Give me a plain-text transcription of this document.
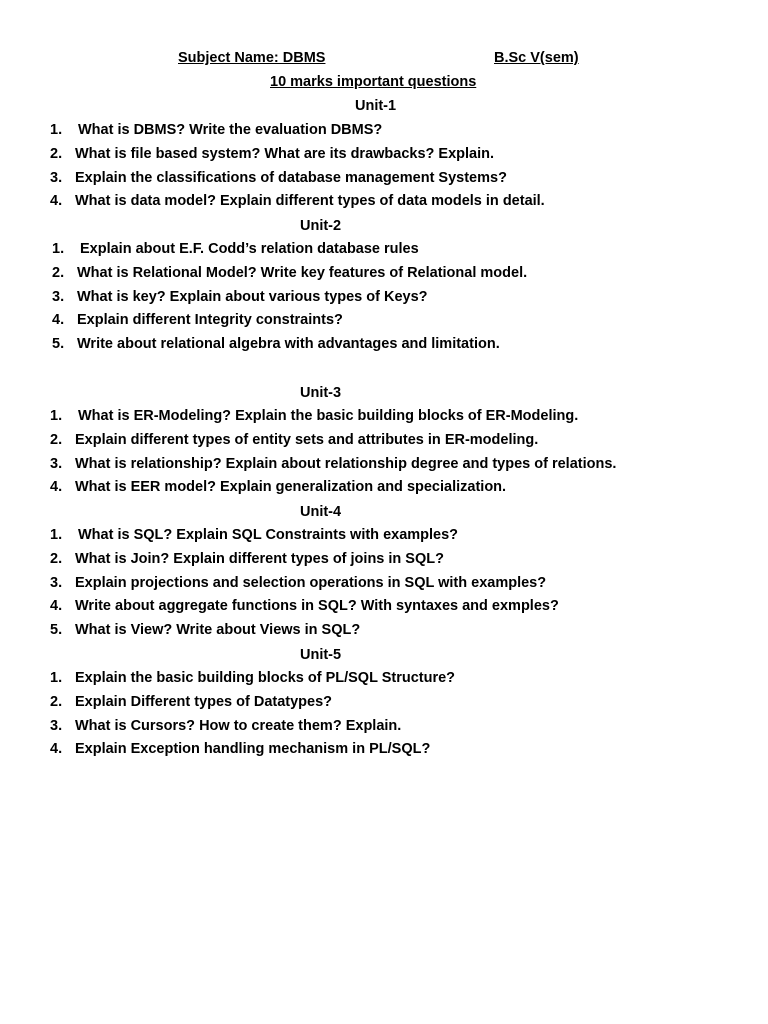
Subject Name: DBMS	B.Sc V(sem)
10 marks important questions
Unit-1
1. What is DBMS? Write the evaluation DBMS?
2. What is file based system? What are its drawbacks? Explain.
3. Explain the classifications of database management Systems?
4. What is data model? Explain different types of data models in detail.
Unit-2
1. Explain about E.F. Codd’s relation database rules
2. What is Relational Model? Write key features of Relational model.
3. What is key? Explain about various types of Keys?
4. Explain different Integrity constraints?
5. Write about relational algebra with advantages and limitation.
Unit-3
1. What is ER-Modeling? Explain the basic building blocks of ER-Modeling.
2. Explain different types of entity sets and attributes in ER-modeling.
3. What is relationship? Explain about relationship degree and types of relations.
4. What is EER model? Explain generalization and specialization.
Unit-4
1. What is SQL? Explain SQL Constraints with examples?
2. What is Join? Explain different types of joins in SQL?
3. Explain projections and selection operations in SQL with examples?
4. Write about aggregate functions in SQL? With syntaxes and exmples?
5. What is View? Write about Views in SQL?
Unit-5
1. Explain the basic building blocks of PL/SQL Structure?
2. Explain Different types of Datatypes?
3. What is Cursors? How to create them? Explain.
4. Explain Exception handling mechanism in PL/SQL?
